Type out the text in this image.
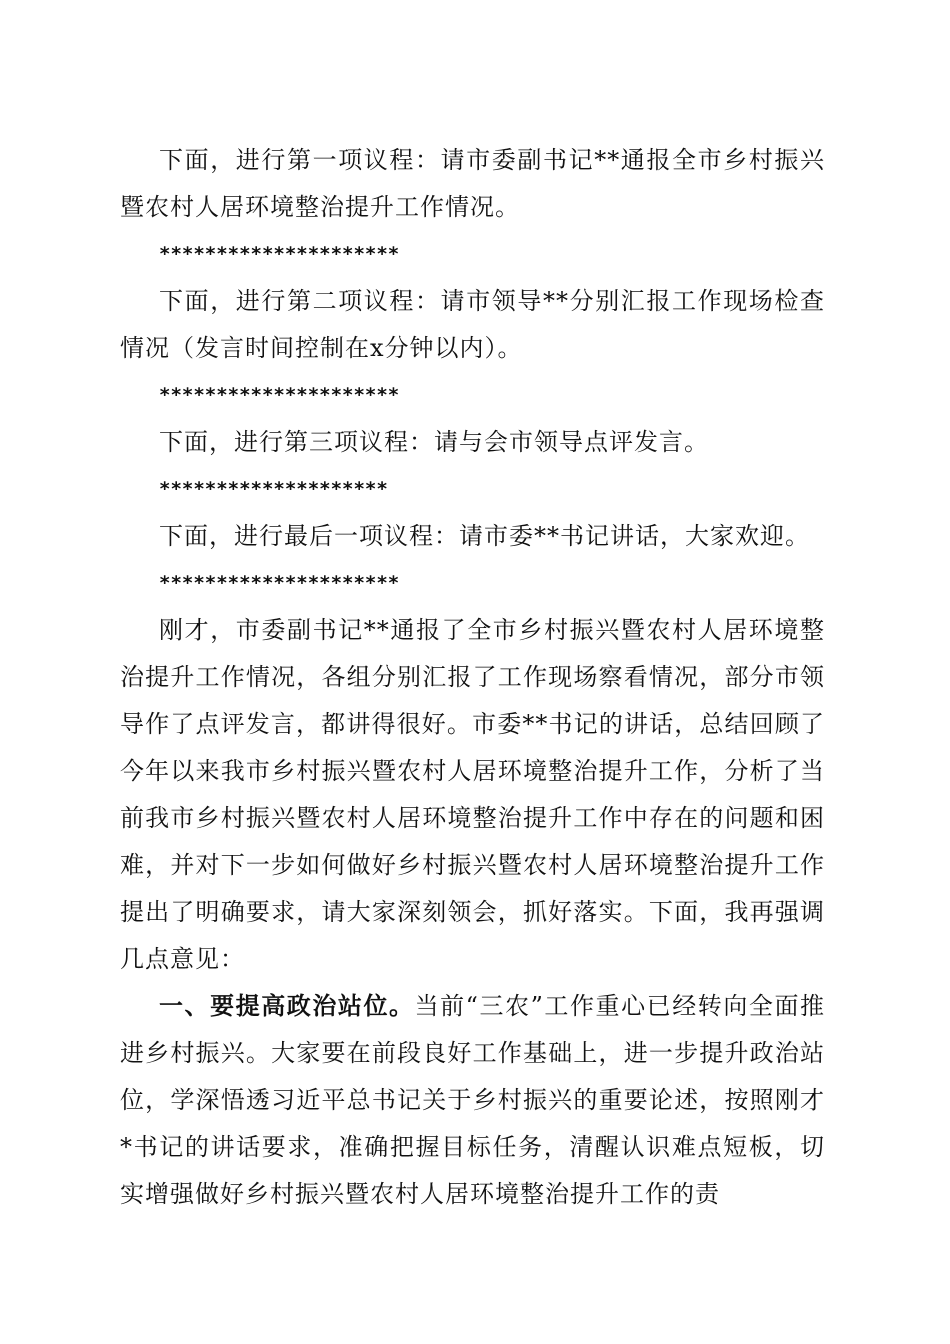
下面，进行第一项议程：请市委副书记**通报全市乡村振兴暨农村人居环境整治提升工作情况。

*********************

下面，进行第二项议程：请市领导**分别汇报工作现场检查情况（发言时间控制在x分钟以内）。

*********************

下面，进行第三项议程：请与会市领导点评发言。

********************

下面，进行最后一项议程：请市委**书记讲话，大家欢迎。

*********************

刚才，市委副书记**通报了全市乡村振兴暨农村人居环境整治提升工作情况，各组分别汇报了工作现场察看情况，部分市领导作了点评发言，都讲得很好。市委**书记的讲话，总结回顾了今年以来我市乡村振兴暨农村人居环境整治提升工作，分析了当前我市乡村振兴暨农村人居环境整治提升工作中存在的问题和困难，并对下一步如何做好乡村振兴暨农村人居环境整治提升工作提出了明确要求，请大家深刻领会，抓好落实。下面，我再强调几点意见：

一、要提高政治站位。当前“三农”工作重心已经转向全面推进乡村振兴。大家要在前段良好工作基础上，进一步提升政治站位，学深悟透习近平总书记关于乡村振兴的重要论述，按照刚才*书记的讲话要求，准确把握目标任务，清醒认识难点短板，切实增强做好乡村振兴暨农村人居环境整治提升工作的责
